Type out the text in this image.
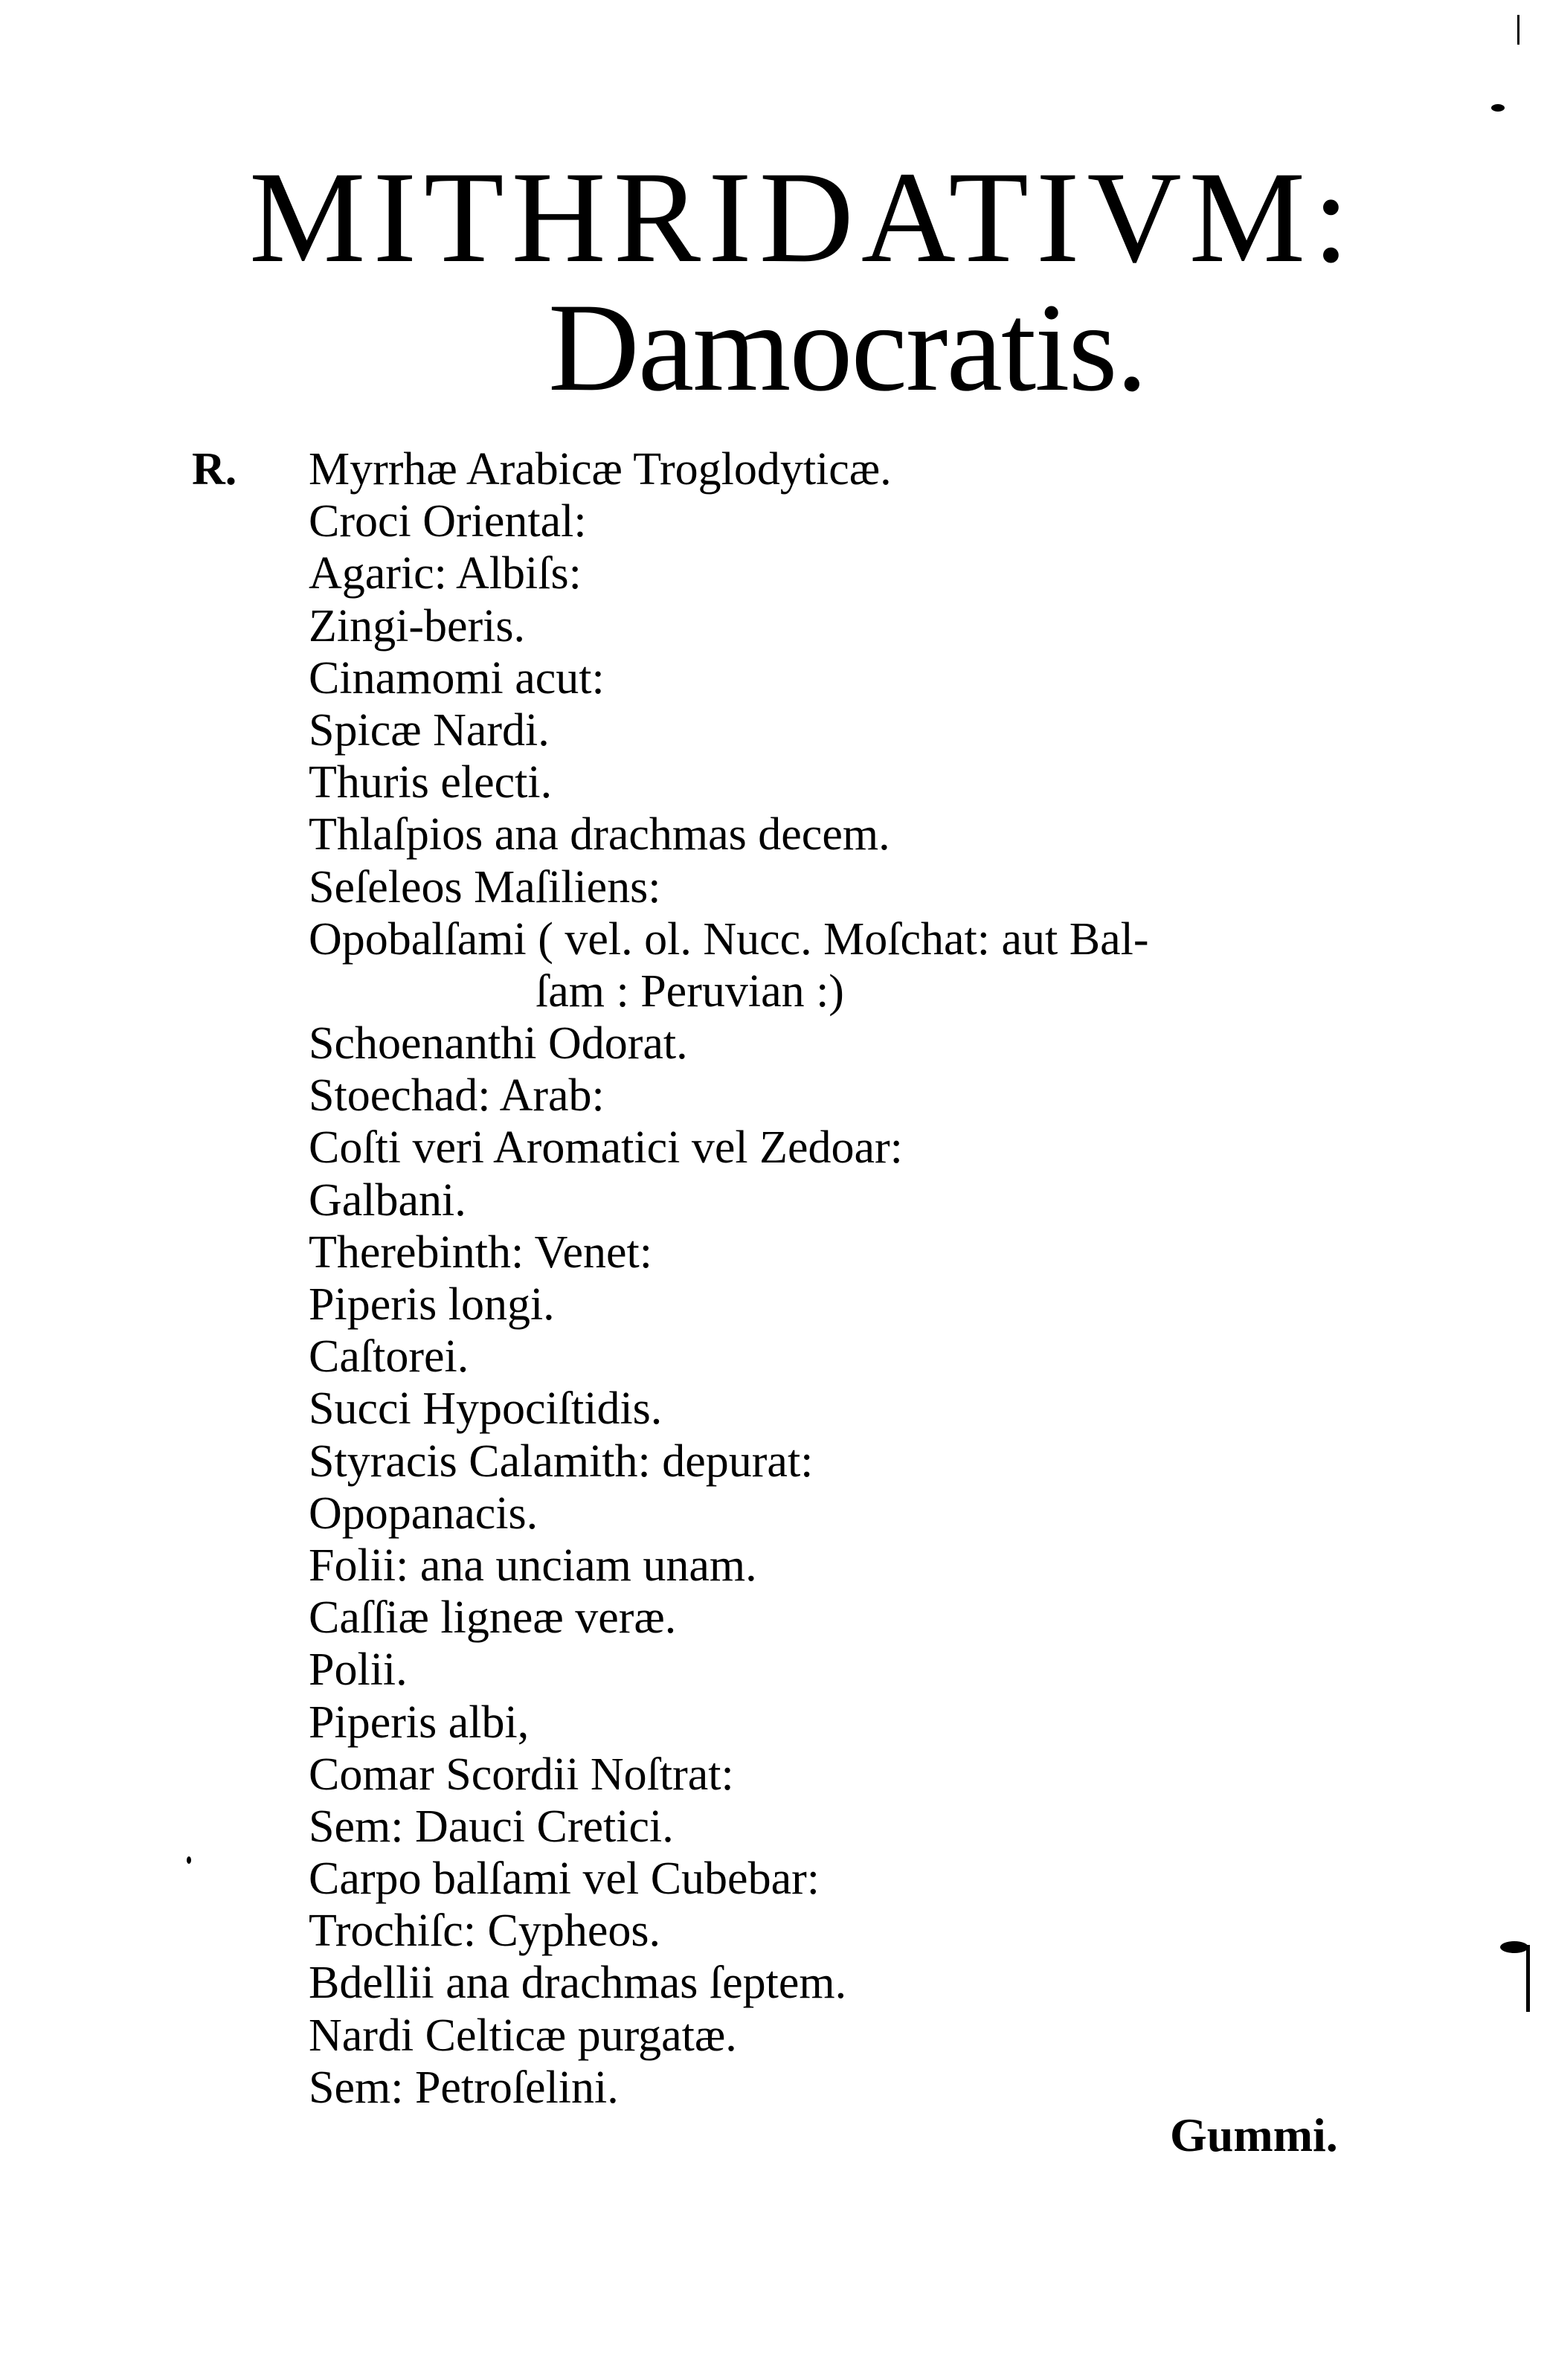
MITHRIDATIVM:
Damocratis.
R. Myrrhæ Arabicæ Troglodyticæ.
Croci Oriental:
Agaric: Albiſs:
Zingi-beris.
Cinamomi acut:
Spicæ Nardi.
Thuris electi.
Thlaſpios ana drachmas decem.
Seſeleos Maſiliens:
Opobalſami ( vel. ol. Nucc. Moſchat: aut Bal-
ſam : Peruvian :)
Schoenanthi Odorat.
Stoechad: Arab:
Coſti veri Aromatici vel Zedoar:
Galbani.
Therebinth: Venet:
Piperis longi.
Caſtorei.
Succi Hypociſtidis.
Styracis Calamith: depurat:
Opopanacis.
Folii: ana unciam unam.
Caſſiæ ligneæ veræ.
Polii.
Piperis albi,
Comar Scordii Noſtrat:
Sem: Dauci Cretici.
Carpo balſami vel Cubebar:
Trochiſc: Cypheos.
Bdellii ana drachmas ſeptem.
Nardi Celticæ purgatæ.
Sem: Petroſelini.
Gummi.
